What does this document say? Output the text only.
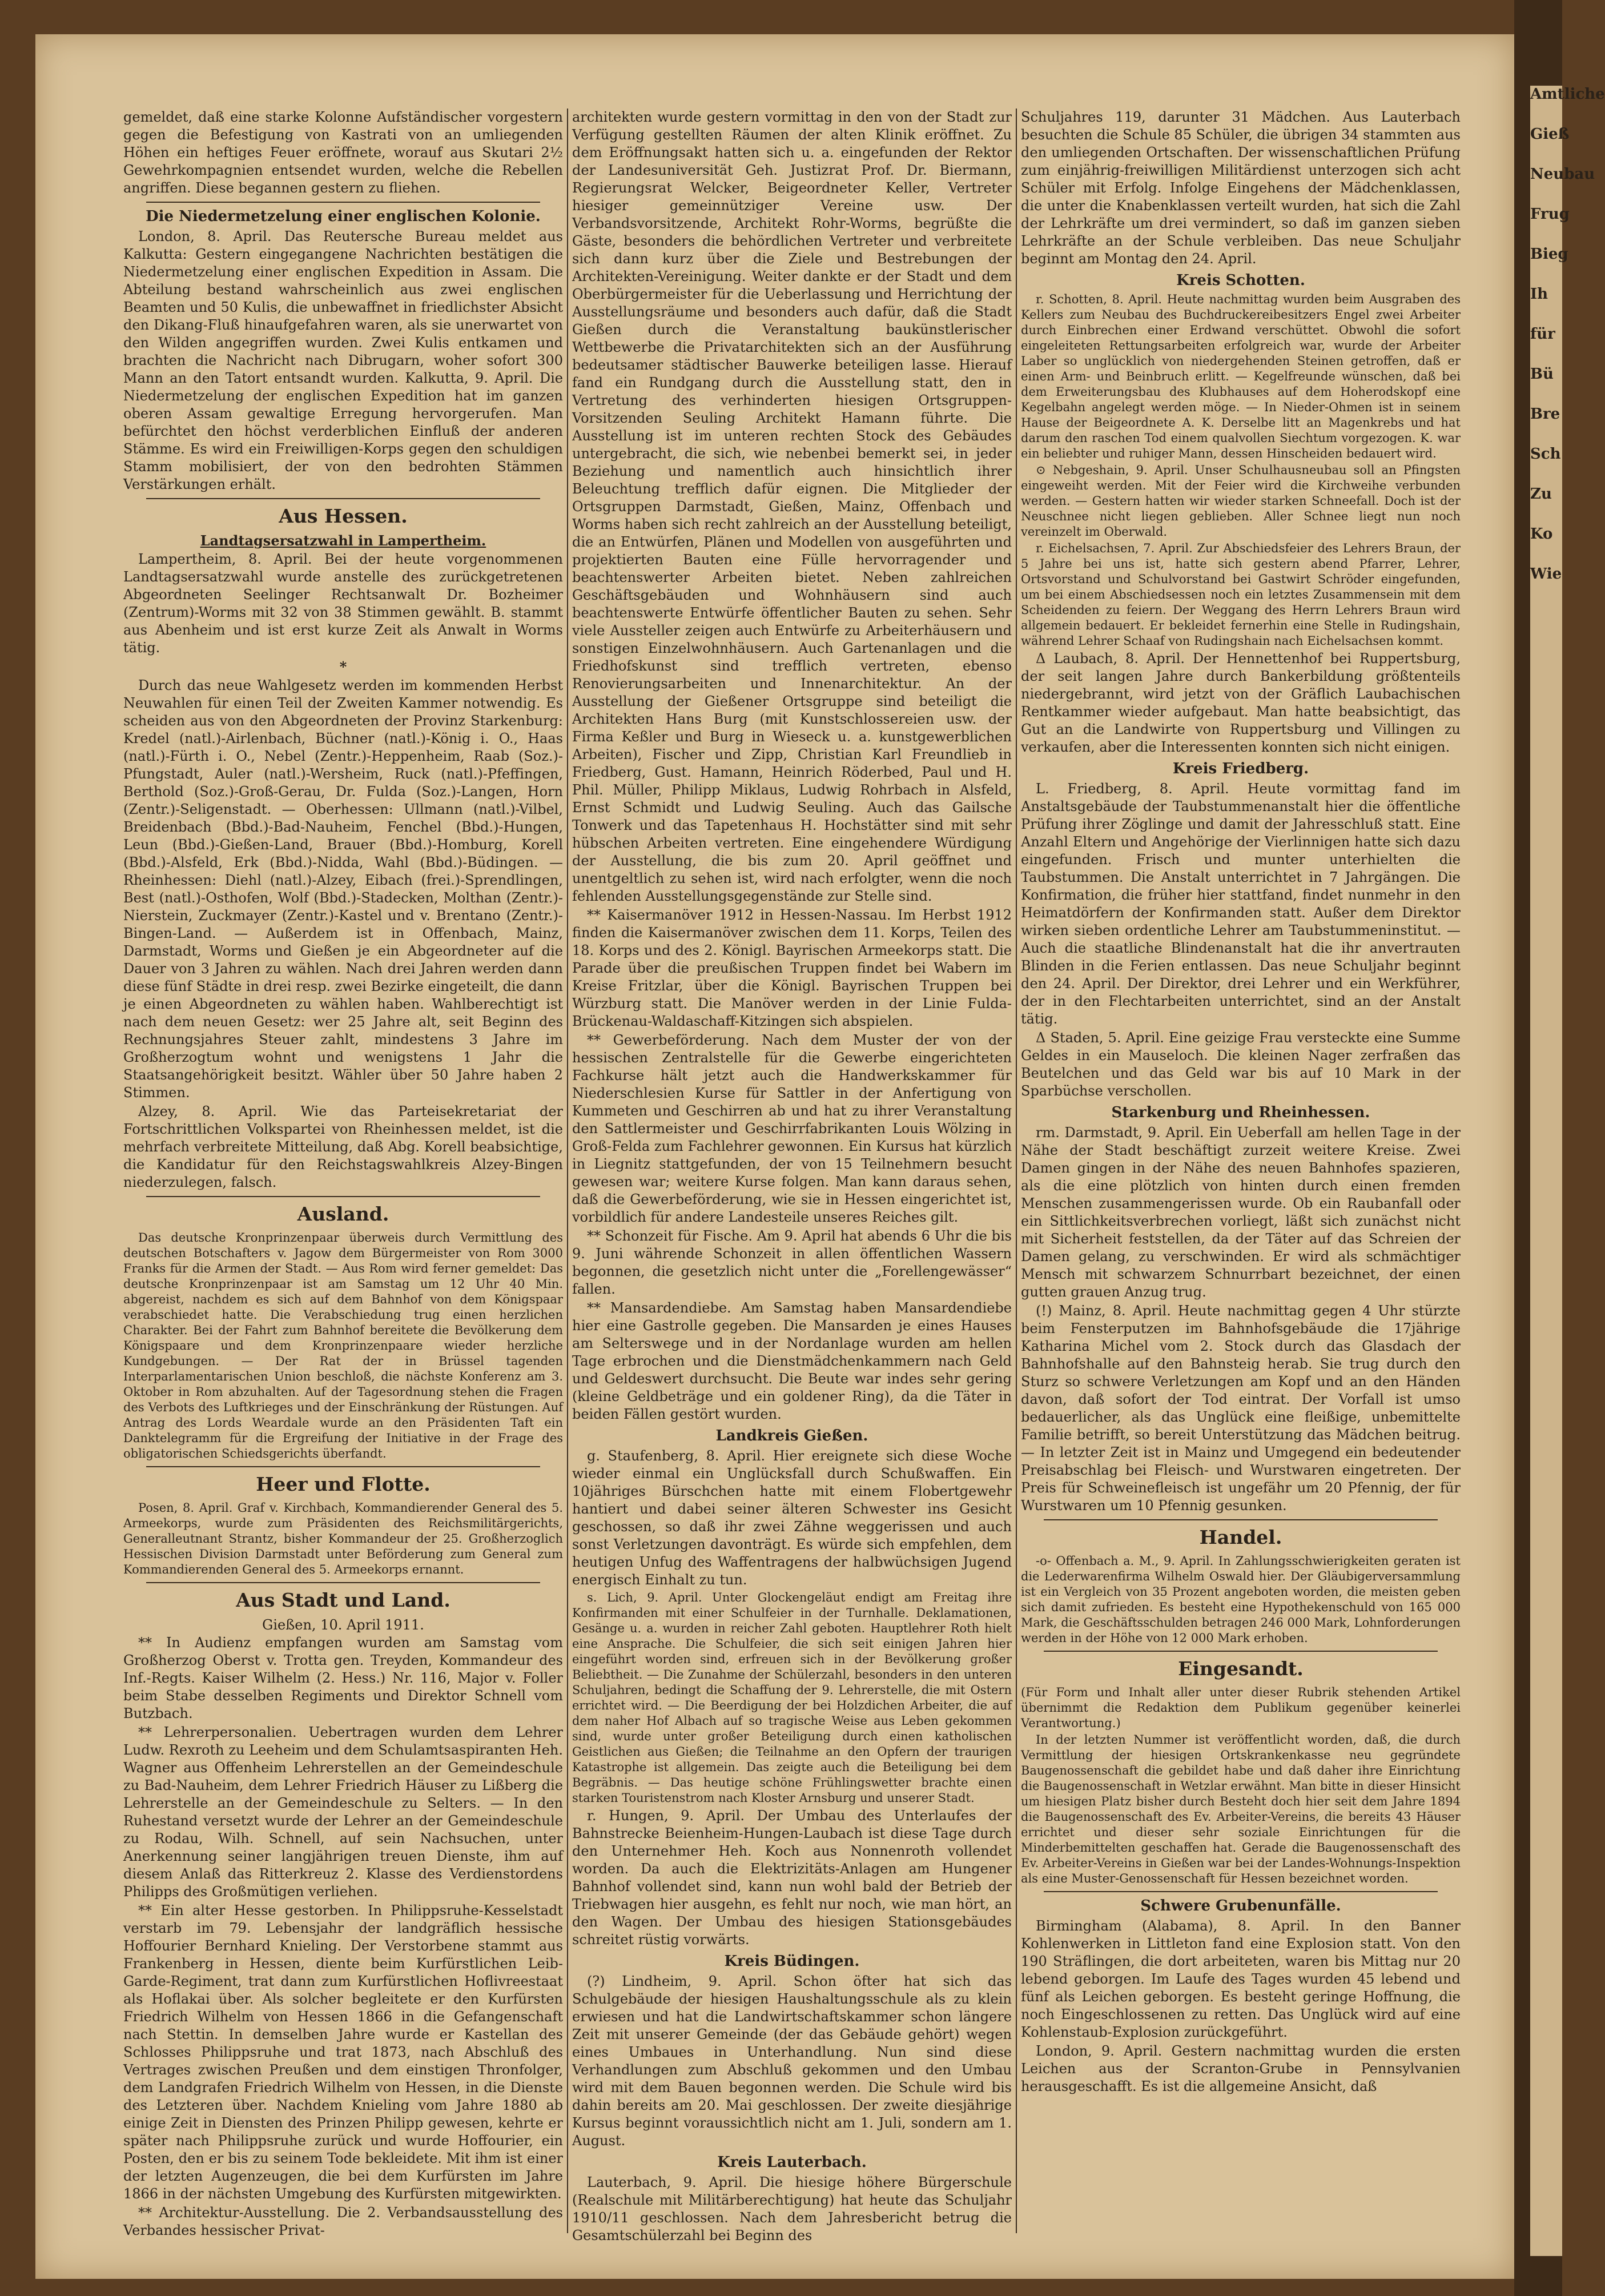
Amtliche
Gieß
Neubau
Frug
Bieg
Ih
für
Bü
Bre
Sch
Zu
Ko
Wie

gemeldet, daß eine starke Kolonne Aufständischer vorgestern gegen die Befestigung von Kastrati von an umliegenden Höhen ein heftiges Feuer eröffnete, worauf aus Skutari 2½ Gewehrkompagnien entsendet wurden, welche die Rebellen angriffen. Diese begannen gestern zu fliehen.

Die Niedermetzelung einer englischen Kolonie.

London, 8. April. Das Reutersche Bureau meldet aus Kalkutta: Gestern eingegangene Nachrichten bestätigen die Niedermetzelung einer englischen Expedition in Assam. Die Abteilung bestand wahrscheinlich aus zwei englischen Beamten und 50 Kulis, die unbewaffnet in friedlichster Absicht den Dikang-Fluß hinaufgefahren waren, als sie unerwartet von den Wilden angegriffen wurden. Zwei Kulis entkamen und brachten die Nachricht nach Dibrugarn, woher sofort 300 Mann an den Tatort entsandt wurden. Kalkutta, 9. April. Die Niedermetzelung der englischen Expedition hat im ganzen oberen Assam gewaltige Erregung hervorgerufen. Man befürchtet den höchst verderblichen Einfluß der anderen Stämme. Es wird ein Freiwilligen-Korps gegen den schuldigen Stamm mobilisiert, der von den bedrohten Stämmen Verstärkungen erhält.

Aus Hessen.
Landtagsersatzwahl in Lampertheim.

Lampertheim, 8. April. Bei der heute vorgenommenen Landtagsersatzwahl wurde anstelle des zurückgetretenen Abgeordneten Seelinger Rechtsanwalt Dr. Bozheimer (Zentrum)-Worms mit 32 von 38 Stimmen gewählt. B. stammt aus Abenheim und ist erst kurze Zeit als Anwalt in Worms tätig.

*

Durch das neue Wahlgesetz werden im kommenden Herbst Neuwahlen für einen Teil der Zweiten Kammer notwendig. Es scheiden aus von den Abgeordneten der Provinz Starkenburg: Kredel (natl.)-Airlenbach, Büchner (natl.)-König i. O., Haas (natl.)-Fürth i. O., Nebel (Zentr.)-Heppenheim, Raab (Soz.)-Pfungstadt, Auler (natl.)-Wersheim, Ruck (natl.)-Pfeffingen, Berthold (Soz.)-Groß-Gerau, Dr. Fulda (Soz.)-Langen, Horn (Zentr.)-Seligenstadt. — Oberhessen: Ullmann (natl.)-Vilbel, Breidenbach (Bbd.)-Bad-Nauheim, Fenchel (Bbd.)-Hungen, Leun (Bbd.)-Gießen-Land, Brauer (Bbd.)-Homburg, Korell (Bbd.)-Alsfeld, Erk (Bbd.)-Nidda, Wahl (Bbd.)-Büdingen. — Rheinhessen: Diehl (natl.)-Alzey, Eibach (frei.)-Sprendlingen, Best (natl.)-Osthofen, Wolf (Bbd.)-Stadecken, Molthan (Zentr.)-Nierstein, Zuckmayer (Zentr.)-Kastel und v. Brentano (Zentr.)-Bingen-Land. — Außerdem ist in Offenbach, Mainz, Darmstadt, Worms und Gießen je ein Abgeordneter auf die Dauer von 3 Jahren zu wählen. Nach drei Jahren werden dann diese fünf Städte in drei resp. zwei Bezirke eingeteilt, die dann je einen Abgeordneten zu wählen haben. Wahlberechtigt ist nach dem neuen Gesetz: wer 25 Jahre alt, seit Beginn des Rechnungsjahres Steuer zahlt, mindestens 3 Jahre im Großherzogtum wohnt und wenigstens 1 Jahr die Staatsangehörigkeit besitzt. Wähler über 50 Jahre haben 2 Stimmen.

Alzey, 8. April. Wie das Parteisekretariat der Fortschrittlichen Volkspartei von Rheinhessen meldet, ist die mehrfach verbreitete Mitteilung, daß Abg. Korell beabsichtige, die Kandidatur für den Reichstagswahlkreis Alzey-Bingen niederzulegen, falsch.

Ausland.

Das deutsche Kronprinzenpaar überweis durch Vermittlung des deutschen Botschafters v. Jagow dem Bürgermeister von Rom 3000 Franks für die Armen der Stadt. — Aus Rom wird ferner gemeldet: Das deutsche Kronprinzenpaar ist am Samstag um 12 Uhr 40 Min. abgereist, nachdem es sich auf dem Bahnhof von dem Königspaar verabschiedet hatte. Die Verabschiedung trug einen herzlichen Charakter. Bei der Fahrt zum Bahnhof bereitete die Bevölkerung dem Königspaare und dem Kronprinzenpaare wieder herzliche Kundgebungen. — Der Rat der in Brüssel tagenden Interparlamentarischen Union beschloß, die nächste Konferenz am 3. Oktober in Rom abzuhalten. Auf der Tagesordnung stehen die Fragen des Verbots des Luftkrieges und der Einschränkung der Rüstungen. Auf Antrag des Lords Weardale wurde an den Präsidenten Taft ein Danktelegramm für die Ergreifung der Initiative in der Frage des obligatorischen Schiedsgerichts überfandt.

Heer und Flotte.

Posen, 8. April. Graf v. Kirchbach, Kommandierender General des 5. Armeekorps, wurde zum Präsidenten des Reichsmilitärgerichts, Generalleutnant Strantz, bisher Kommandeur der 25. Großherzoglich Hessischen Division Darmstadt unter Beförderung zum General zum Kommandierenden General des 5. Armeekorps ernannt.

Aus Stadt und Land.
Gießen, 10. April 1911.

** In Audienz empfangen wurden am Samstag vom Großherzog Oberst v. Trotta gen. Treyden, Kommandeur des Inf.-Regts. Kaiser Wilhelm (2. Hess.) Nr. 116, Major v. Foller beim Stabe desselben Regiments und Direktor Schnell vom Butzbach.

** Lehrerpersonalien. Uebertragen wurden dem Lehrer Ludw. Rexroth zu Leeheim und dem Schulamtsaspiranten Heh. Wagner aus Offenheim Lehrerstellen an der Gemeindeschule zu Bad-Nauheim, dem Lehrer Friedrich Häuser zu Lißberg die Lehrerstelle an der Gemeindeschule zu Selters. — In den Ruhestand versetzt wurde der Lehrer an der Gemeindeschule zu Rodau, Wilh. Schnell, auf sein Nachsuchen, unter Anerkennung seiner langjährigen treuen Dienste, ihm auf diesem Anlaß das Ritterkreuz 2. Klasse des Verdienstordens Philipps des Großmütigen verliehen.

** Ein alter Hesse gestorben. In Philippsruhe-Kesselstadt verstarb im 79. Lebensjahr der landgräflich hessische Hoffourier Bernhard Knieling. Der Verstorbene stammt aus Frankenberg in Hessen, diente beim Kurfürstlichen Leib-Garde-Regiment, trat dann zum Kurfürstlichen Hoflivreestaat als Hoflakai über. Als solcher begleitete er den Kurfürsten Friedrich Wilhelm von Hessen 1866 in die Gefangenschaft nach Stettin. In demselben Jahre wurde er Kastellan des Schlosses Philippsruhe und trat 1873, nach Abschluß des Vertrages zwischen Preußen und dem einstigen Thronfolger, dem Landgrafen Friedrich Wilhelm von Hessen, in die Dienste des Letzteren über. Nachdem Knieling vom Jahre 1880 ab einige Zeit in Diensten des Prinzen Philipp gewesen, kehrte er später nach Philippsruhe zurück und wurde Hoffourier, ein Posten, den er bis zu seinem Tode bekleidete. Mit ihm ist einer der letzten Augenzeugen, die bei dem Kurfürsten im Jahre 1866 in der nächsten Umgebung des Kurfürsten mitgewirkten.

** Architektur-Ausstellung. Die 2. Verbandsausstellung des Verbandes hessischer Privat-

architekten wurde gestern vormittag in den von der Stadt zur Verfügung gestellten Räumen der alten Klinik eröffnet. Zu dem Eröffnungsakt hatten sich u. a. eingefunden der Rektor der Landesuniversität Geh. Justizrat Prof. Dr. Biermann, Regierungsrat Welcker, Beigeordneter Keller, Vertreter hiesiger gemeinnütziger Vereine usw. Der Verbandsvorsitzende, Architekt Rohr-Worms, begrüßte die Gäste, besonders die behördlichen Vertreter und verbreitete sich dann kurz über die Ziele und Bestrebungen der Architekten-Vereinigung. Weiter dankte er der Stadt und dem Oberbürgermeister für die Ueberlassung und Herrichtung der Ausstellungsräume und besonders auch dafür, daß die Stadt Gießen durch die Veranstaltung baukünstlerischer Wettbewerbe die Privatarchitekten sich an der Ausführung bedeutsamer städtischer Bauwerke beteiligen lasse. Hierauf fand ein Rundgang durch die Ausstellung statt, den in Vertretung des verhinderten hiesigen Ortsgruppen-Vorsitzenden Seuling Architekt Hamann führte. Die Ausstellung ist im unteren rechten Stock des Gebäudes untergebracht, die sich, wie nebenbei bemerkt sei, in jeder Beziehung und namentlich auch hinsichtlich ihrer Beleuchtung trefflich dafür eignen. Die Mitglieder der Ortsgruppen Darmstadt, Gießen, Mainz, Offenbach und Worms haben sich recht zahlreich an der Ausstellung beteiligt, die an Entwürfen, Plänen und Modellen von ausgeführten und projektierten Bauten eine Fülle hervorragender und beachtenswerter Arbeiten bietet. Neben zahlreichen Geschäftsgebäuden und Wohnhäusern sind auch beachtenswerte Entwürfe öffentlicher Bauten zu sehen. Sehr viele Aussteller zeigen auch Entwürfe zu Arbeiterhäusern und sonstigen Einzelwohnhäusern. Auch Gartenanlagen und die Friedhofskunst sind trefflich vertreten, ebenso Renovierungsarbeiten und Innenarchitektur. An der Ausstellung der Gießener Ortsgruppe sind beteiligt die Architekten Hans Burg (mit Kunstschlossereien usw. der Firma Keßler und Burg in Wieseck u. a. kunstgewerblichen Arbeiten), Fischer und Zipp, Christian Karl Freundlieb in Friedberg, Gust. Hamann, Heinrich Röderbed, Paul und H. Phil. Müller, Philipp Miklaus, Ludwig Rohrbach in Alsfeld, Ernst Schmidt und Ludwig Seuling. Auch das Gailsche Tonwerk und das Tapetenhaus H. Hochstätter sind mit sehr hübschen Arbeiten vertreten. Eine eingehendere Würdigung der Ausstellung, die bis zum 20. April geöffnet und unentgeltlich zu sehen ist, wird nach erfolgter, wenn die noch fehlenden Ausstellungsgegenstände zur Stelle sind.

** Kaisermanöver 1912 in Hessen-Nassau. Im Herbst 1912 finden die Kaisermanöver zwischen dem 11. Korps, Teilen des 18. Korps und des 2. Königl. Bayrischen Armeekorps statt. Die Parade über die preußischen Truppen findet bei Wabern im Kreise Fritzlar, über die Königl. Bayrischen Truppen bei Würzburg statt. Die Manöver werden in der Linie Fulda-Brückenau-Waldaschaff-Kitzingen sich abspielen.

** Gewerbeförderung. Nach dem Muster der von der hessischen Zentralstelle für die Gewerbe eingerichteten Fachkurse hält jetzt auch die Handwerkskammer für Niederschlesien Kurse für Sattler in der Anfertigung von Kummeten und Geschirren ab und hat zu ihrer Veranstaltung den Sattlermeister und Geschirrfabrikanten Louis Wölzing in Groß-Felda zum Fachlehrer gewonnen. Ein Kursus hat kürzlich in Liegnitz stattgefunden, der von 15 Teilnehmern besucht gewesen war; weitere Kurse folgen. Man kann daraus sehen, daß die Gewerbeförderung, wie sie in Hessen eingerichtet ist, vorbildlich für andere Landesteile unseres Reiches gilt.

** Schonzeit für Fische. Am 9. April hat abends 6 Uhr die bis 9. Juni währende Schonzeit in allen öffentlichen Wassern begonnen, die gesetzlich nicht unter die „Forellengewässer“ fallen.

** Mansardendiebe. Am Samstag haben Mansardendiebe hier eine Gastrolle gegeben. Die Mansarden je eines Hauses am Selterswege und in der Nordanlage wurden am hellen Tage erbrochen und die Dienstmädchenkammern nach Geld und Geldeswert durchsucht. Die Beute war indes sehr gering (kleine Geldbeträge und ein goldener Ring), da die Täter in beiden Fällen gestört wurden.

Landkreis Gießen.

g. Staufenberg, 8. April. Hier ereignete sich diese Woche wieder einmal ein Unglücksfall durch Schußwaffen. Ein 10jähriges Bürschchen hatte mit einem Flobertgewehr hantiert und dabei seiner älteren Schwester ins Gesicht geschossen, so daß ihr zwei Zähne weggerissen und auch sonst Verletzungen davonträgt. Es würde sich empfehlen, dem heutigen Unfug des Waffentragens der halbwüchsigen Jugend energisch Einhalt zu tun.

s. Lich, 9. April. Unter Glockengeläut endigt am Freitag ihre Konfirmanden mit einer Schulfeier in der Turnhalle. Deklamationen, Gesänge u. a. wurden in reicher Zahl geboten. Hauptlehrer Roth hielt eine Ansprache. Die Schulfeier, die sich seit einigen Jahren hier eingeführt worden sind, erfreuen sich in der Bevölkerung großer Beliebtheit. — Die Zunahme der Schülerzahl, besonders in den unteren Schuljahren, bedingt die Schaffung der 9. Lehrerstelle, die mit Ostern errichtet wird. — Die Beerdigung der bei Holzdichen Arbeiter, die auf dem naher Hof Albach auf so tragische Weise aus Leben gekommen sind, wurde unter großer Beteiligung durch einen katholischen Geistlichen aus Gießen; die Teilnahme an den Opfern der traurigen Katastrophe ist allgemein. Das zeigte auch die Beteiligung bei dem Begräbnis. — Das heutige schöne Frühlingswetter brachte einen starken Touristenstrom nach Kloster Arnsburg und unserer Stadt.

r. Hungen, 9. April. Der Umbau des Unterlaufes der Bahnstrecke Beienheim-Hungen-Laubach ist diese Tage durch den Unternehmer Heh. Koch aus Nonnenroth vollendet worden. Da auch die Elektrizitäts-Anlagen am Hungener Bahnhof vollendet sind, kann nun wohl bald der Betrieb der Triebwagen hier ausgehn, es fehlt nur noch, wie man hört, an den Wagen. Der Umbau des hiesigen Stationsgebäudes schreitet rüstig vorwärts.

Kreis Büdingen.

(?) Lindheim, 9. April. Schon öfter hat sich das Schulgebäude der hiesigen Haushaltungsschule als zu klein erwiesen und hat die Landwirtschaftskammer schon längere Zeit mit unserer Gemeinde (der das Gebäude gehört) wegen eines Umbaues in Unterhandlung. Nun sind diese Verhandlungen zum Abschluß gekommen und den Umbau wird mit dem Bauen begonnen werden. Die Schule wird bis dahin bereits am 20. Mai geschlossen. Der zweite diesjährige Kursus beginnt voraussichtlich nicht am 1. Juli, sondern am 1. August.

Kreis Lauterbach.

Lauterbach, 9. April. Die hiesige höhere Bürgerschule (Realschule mit Militärberechtigung) hat heute das Schuljahr 1910/11 geschlossen. Nach dem Jahresbericht betrug die Gesamtschülerzahl bei Beginn des

Schuljahres 119, darunter 31 Mädchen. Aus Lauterbach besuchten die Schule 85 Schüler, die übrigen 34 stammten aus den umliegenden Ortschaften. Der wissenschaftlichen Prüfung zum einjährig-freiwilligen Militärdienst unterzogen sich acht Schüler mit Erfolg. Infolge Eingehens der Mädchenklassen, die unter die Knabenklassen verteilt wurden, hat sich die Zahl der Lehrkräfte um drei vermindert, so daß im ganzen sieben Lehrkräfte an der Schule verbleiben. Das neue Schuljahr beginnt am Montag den 24. April.

Kreis Schotten.

r. Schotten, 8. April. Heute nachmittag wurden beim Ausgraben des Kellers zum Neubau des Buchdruckereibesitzers Engel zwei Arbeiter durch Einbrechen einer Erdwand verschüttet. Obwohl die sofort eingeleiteten Rettungsarbeiten erfolgreich war, wurde der Arbeiter Laber so unglücklich von niedergehenden Steinen getroffen, daß er einen Arm- und Beinbruch erlitt. — Kegelfreunde wünschen, daß bei dem Erweiterungsbau des Klubhauses auf dem Hoherodskopf eine Kegelbahn angelegt werden möge. — In Nieder-Ohmen ist in seinem Hause der Beigeordnete A. K. Derselbe litt an Magenkrebs und hat darum den raschen Tod einem qualvollen Siechtum vorgezogen. K. war ein beliebter und ruhiger Mann, dessen Hinscheiden bedauert wird.

⊙ Nebgeshain, 9. April. Unser Schulhausneubau soll an Pfingsten eingeweiht werden. Mit der Feier wird die Kirchweihe verbunden werden. — Gestern hatten wir wieder starken Schneefall. Doch ist der Neuschnee nicht liegen geblieben. Aller Schnee liegt nun noch vereinzelt im Oberwald.

r. Eichelsachsen, 7. April. Zur Abschiedsfeier des Lehrers Braun, der 5 Jahre bei uns ist, hatte sich gestern abend Pfarrer, Lehrer, Ortsvorstand und Schulvorstand bei Gastwirt Schröder eingefunden, um bei einem Abschiedsessen noch ein letztes Zusammensein mit dem Scheidenden zu feiern. Der Weggang des Herrn Lehrers Braun wird allgemein bedauert. Er bekleidet fernerhin eine Stelle in Rudingshain, während Lehrer Schaaf von Rudingshain nach Eichelsachsen kommt.

Δ Laubach, 8. April. Der Hennettenhof bei Ruppertsburg, der seit langen Jahre durch Bankerbildung größtenteils niedergebrannt, wird jetzt von der Gräflich Laubachischen Rentkammer wieder aufgebaut. Man hatte beabsichtigt, das Gut an die Landwirte von Ruppertsburg und Villingen zu verkaufen, aber die Interessenten konnten sich nicht einigen.

Kreis Friedberg.

L. Friedberg, 8. April. Heute vormittag fand im Anstaltsgebäude der Taubstummenanstalt hier die öffentliche Prüfung ihrer Zöglinge und damit der Jahresschluß statt. Eine Anzahl Eltern und Angehörige der Vierlinnigen hatte sich dazu eingefunden. Frisch und munter unterhielten die Taubstummen. Die Anstalt unterrichtet in 7 Jahrgängen. Die Konfirmation, die früher hier stattfand, findet nunmehr in den Heimatdörfern der Konfirmanden statt. Außer dem Direktor wirken sieben ordentliche Lehrer am Taubstummeninstitut. — Auch die staatliche Blindenanstalt hat die ihr anvertrauten Blinden in die Ferien entlassen. Das neue Schuljahr beginnt den 24. April. Der Direktor, drei Lehrer und ein Werkführer, der in den Flechtarbeiten unterrichtet, sind an der Anstalt tätig.

Δ Staden, 5. April. Eine geizige Frau versteckte eine Summe Geldes in ein Mauseloch. Die kleinen Nager zerfraßen das Beutelchen und das Geld war bis auf 10 Mark in der Sparbüchse verschollen.

Starkenburg und Rheinhessen.

rm. Darmstadt, 9. April. Ein Ueberfall am hellen Tage in der Nähe der Stadt beschäftigt zurzeit weitere Kreise. Zwei Damen gingen in der Nähe des neuen Bahnhofes spazieren, als die eine plötzlich von hinten durch einen fremden Menschen zusammengerissen wurde. Ob ein Raubanfall oder ein Sittlichkeitsverbrechen vorliegt, läßt sich zunächst nicht mit Sicherheit feststellen, da der Täter auf das Schreien der Damen gelang, zu verschwinden. Er wird als schmächtiger Mensch mit schwarzem Schnurrbart bezeichnet, der einen gutten grauen Anzug trug.

(!) Mainz, 8. April. Heute nachmittag gegen 4 Uhr stürzte beim Fensterputzen im Bahnhofsgebäude die 17jährige Katharina Michel vom 2. Stock durch das Glasdach der Bahnhofshalle auf den Bahnsteig herab. Sie trug durch den Sturz so schwere Verletzungen am Kopf und an den Händen davon, daß sofort der Tod eintrat. Der Vorfall ist umso bedauerlicher, als das Unglück eine fleißige, unbemittelte Familie betrifft, so bereit Unterstützung das Mädchen beitrug. — In letzter Zeit ist in Mainz und Umgegend ein bedeutender Preisabschlag bei Fleisch- und Wurstwaren eingetreten. Der Preis für Schweinefleisch ist ungefähr um 20 Pfennig, der für Wurstwaren um 10 Pfennig gesunken.

Handel.

-o- Offenbach a. M., 9. April. In Zahlungsschwierigkeiten geraten ist die Lederwarenfirma Wilhelm Oswald hier. Der Gläubigerversammlung ist ein Vergleich von 35 Prozent angeboten worden, die meisten geben sich damit zufrieden. Es besteht eine Hypothekenschuld von 165 000 Mark, die Geschäftsschulden betragen 246 000 Mark, Lohnforderungen werden in der Höhe von 12 000 Mark erhoben.

Eingesandt.

(Für Form und Inhalt aller unter dieser Rubrik stehenden Artikel übernimmt die Redaktion dem Publikum gegenüber keinerlei Verantwortung.)

In der letzten Nummer ist veröffentlicht worden, daß, die durch Vermittlung der hiesigen Ortskrankenkasse neu gegründete Baugenossenschaft die gebildet habe und daß daher ihre Einrichtung die Baugenossenschaft in Wetzlar erwähnt. Man bitte in dieser Hinsicht um hiesigen Platz bisher durch Besteht doch hier seit dem Jahre 1894 die Baugenossenschaft des Ev. Arbeiter-Vereins, die bereits 43 Häuser errichtet und dieser sehr soziale Einrichtungen für die Minderbemittelten geschaffen hat. Gerade die Baugenossenschaft des Ev. Arbeiter-Vereins in Gießen war bei der Landes-Wohnungs-Inspektion als eine Muster-Genossenschaft für Hessen bezeichnet worden.

Schwere Grubenunfälle.

Birmingham (Alabama), 8. April. In den Banner Kohlenwerken in Littleton fand eine Explosion statt. Von den 190 Sträflingen, die dort arbeiteten, waren bis Mittag nur 20 lebend geborgen. Im Laufe des Tages wurden 45 lebend und fünf als Leichen geborgen. Es besteht geringe Hoffnung, die noch Eingeschlossenen zu retten. Das Unglück wird auf eine Kohlenstaub-Explosion zurückgeführt.

London, 9. April. Gestern nachmittag wurden die ersten Leichen aus der Scranton-Grube in Pennsylvanien herausgeschafft. Es ist die allgemeine Ansicht, daß
